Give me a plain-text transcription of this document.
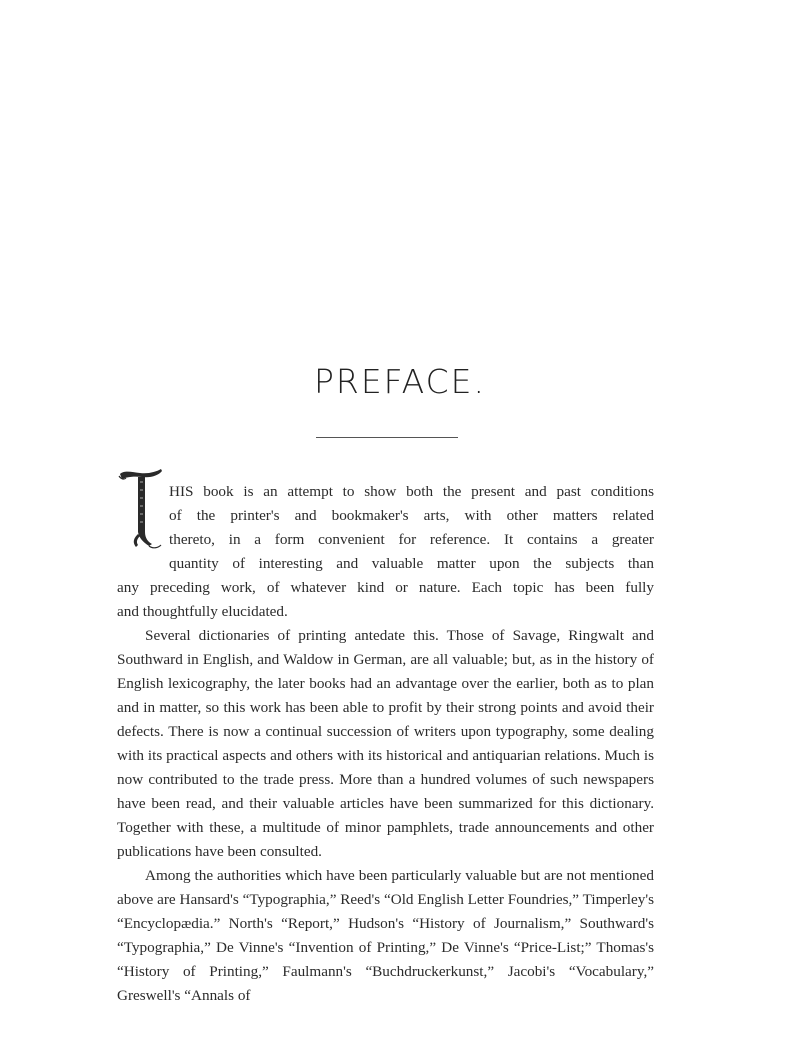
PREFACE.

HIS book is an attempt to show both the present and past conditions
of the printer's and bookmaker's arts, with other matters related
thereto, in a form convenient for reference. It contains a greater
quantity of interesting and valuable matter upon the subjects than
any preceding work, of whatever kind or nature. Each topic has been fully
and thoughtfully elucidated.

Several dictionaries of printing antedate this. Those of Savage, Ringwalt and Southward in English, and Waldow in German, are all valuable; but, as in the history of English lexicography, the later books had an advantage over the earlier, both as to plan and in matter, so this work has been able to profit by their strong points and avoid their defects. There is now a continual succession of writers upon typography, some dealing with its practical aspects and others with its historical and antiquarian relations. Much is now contributed to the trade press. More than a hundred volumes of such newspapers have been read, and their valuable articles have been summarized for this dictionary. Together with these, a multitude of minor pamphlets, trade announcements and other publications have been consulted.

Among the authorities which have been particularly valuable but are not mentioned above are Hansard's “Typographia,” Reed's “Old English Letter Foundries,” Timperley's “Encyclopædia.” North's “Report,” Hudson's “History of Journalism,” Southward's “Typographia,” De Vinne's “Invention of Printing,” De Vinne's “Price-List;” Thomas's “History of Printing,” Faulmann's “Buchdruckerkunst,” Jacobi's “Vocabulary,” Greswell's “Annals of
